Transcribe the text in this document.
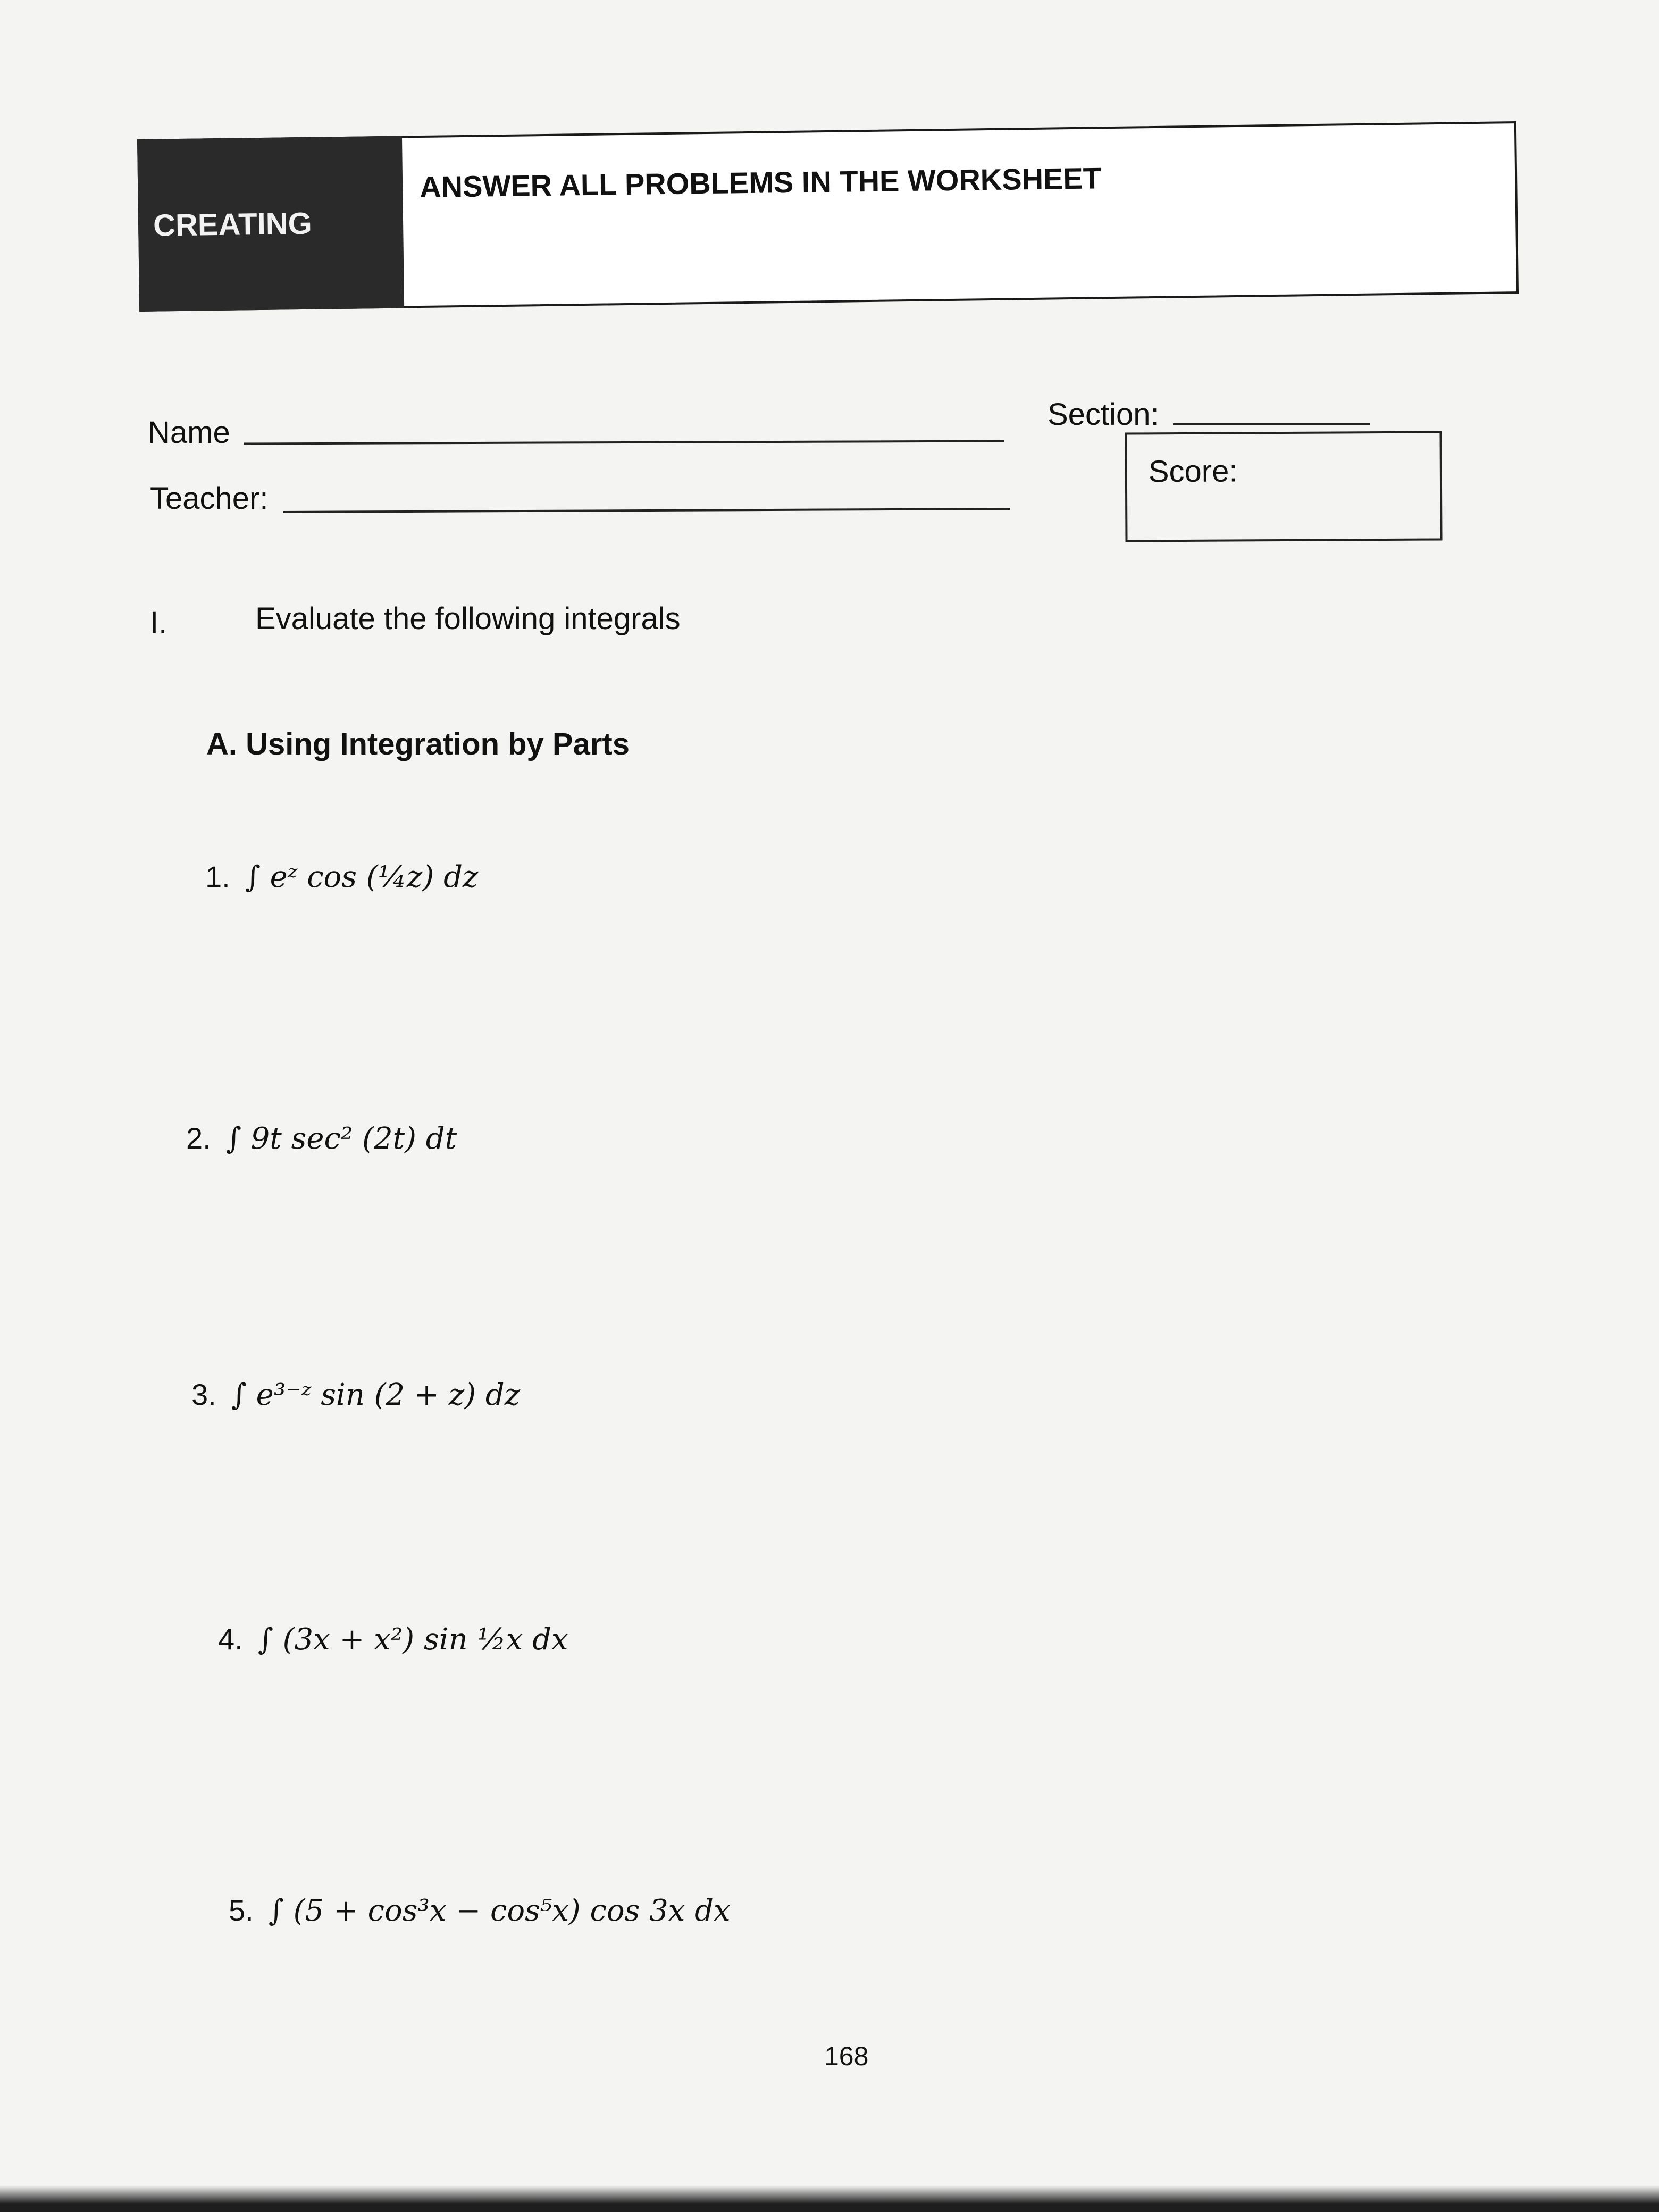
CREATING
ANSWER ALL PROBLEMS IN THE WORKSHEET
Name
Teacher:
Section:
Score:
I.	Evaluate the following integrals
A. Using Integration by Parts
1. ∫ eᶻ cos (¼z) dz
2. ∫ 9t sec² (2t) dt
3. ∫ e³⁻ᶻ sin (2 + z) dz
4. ∫ (3x + x²) sin ½x dx
5. ∫ (5 + cos³x − cos⁵x) cos 3x dx
168
